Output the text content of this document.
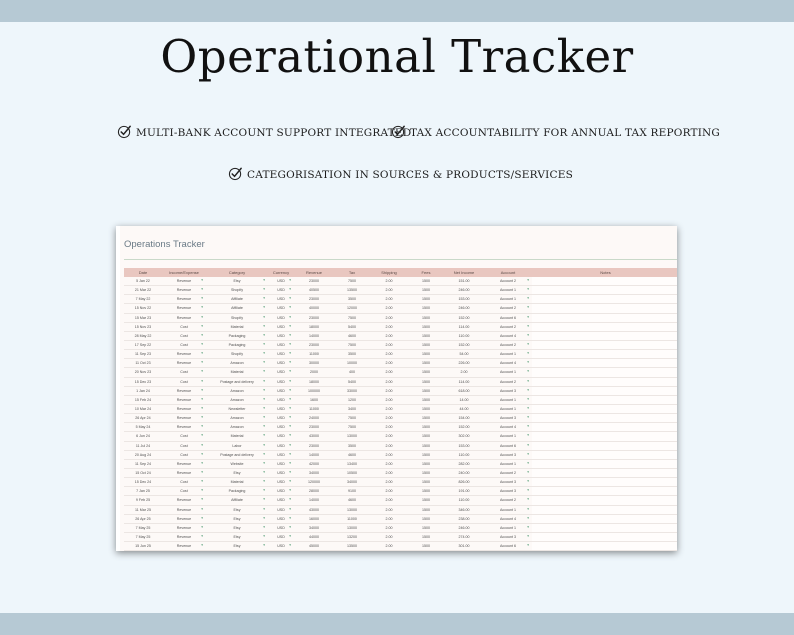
Operational Tracker
MULTI-BANK ACCOUNT SUPPORT INTEGRATED
TAX ACCOUNTABILITY FOR ANNUAL TAX REPORTING
CATEGORISATION IN SOURCES & PRODUCTS/SERVICES
Operations Tracker
Date	Income/Expense	Category	Currency	Revenue	Tax	Shipping	Fees	Net Income	Account	Notes
5 Jan 22	Revenue ▾	Etsy ▾	USD ▾	23000	7500	2.00	1500	151.00	Account 2 ▾	

21 Mar 22	Revenue ▾	Shopify ▾	USD ▾	40500	13500	2.00	1500	246.00	Account 1 ▾	

7 May 22	Revenue ▾	Affiliate ▾	USD ▾	23000	3500	2.00	1500	153.00	Account 1 ▾	

15 Nov 22	Revenue ▾	Affiliate ▾	USD ▾	40000	12000	2.00	1500	246.00	Account 2 ▾	

15 Mar 23	Revenue ▾	Shopify ▾	USD ▾	23000	7500	2.00	1500	152.00	Account 6 ▾	

15 Nov 23	Cost ▾	Material ▾	USD ▾	18000	5400	2.00	1500	114.00	Account 2 ▾	

28 May 22	Cost ▾	Packaging ▾	USD ▾	14000	4600	2.00	1500	110.00	Account 4 ▾	

17 Sep 22	Cost ▾	Packaging ▾	USD ▾	23000	7500	2.00	1500	152.00	Account 2 ▾	

11 Sep 23	Revenue ▾	Shopify ▾	USD ▾	11000	3500	2.00	1500	54.00	Account 1 ▾	

11 Oct 23	Revenue ▾	Amazon ▾	USD ▾	30000	10000	2.00	1500	226.00	Account 4 ▾	

20 Nov 23	Cost ▾	Material ▾	USD ▾	2000	400	2.00	1500	2.00	Account 1 ▾	

15 Dec 23	Cost ▾	Postage and delivery ▾	USD ▾	18000	5400	2.00	1500	114.00	Account 2 ▾	

1 Jan 24	Revenue ▾	Amazon ▾	USD ▾	100000	33000	2.00	1500	618.00	Account 3 ▾	

15 Feb 24	Revenue ▾	Amazon ▾	USD ▾	1600	1200	2.00	1500	14.00	Account 1 ▾	

10 Mar 24	Revenue ▾	Newsletter ▾	USD ▾	11000	3400	2.00	1500	44.00	Account 1 ▾	

26 Apr 24	Revenue ▾	Amazon ▾	USD ▾	24000	7500	2.00	1500	154.00	Account 3 ▾	

5 May 24	Revenue ▾	Amazon ▾	USD ▾	23000	7500	2.00	1500	152.00	Account 4 ▾	

6 Jun 24	Cost ▾	Material ▾	USD ▾	43000	13000	2.00	1500	302.00	Account 1 ▾	

11 Jul 24	Cost ▾	Labor ▾	USD ▾	23000	3500	2.00	1500	153.00	Account 6 ▾	

20 Aug 24	Cost ▾	Postage and delivery ▾	USD ▾	14000	4600	2.00	1500	110.00	Account 3 ▾	

11 Sep 24	Revenue ▾	Website ▾	USD ▾	42000	13400	2.00	1500	282.00	Account 1 ▾	

15 Oct 24	Revenue ▾	Etsy ▾	USD ▾	34000	10500	2.00	1500	240.00	Account 2 ▾	

15 Dec 24	Cost ▾	Material ▾	USD ▾	120000	34000	2.00	1500	826.00	Account 3 ▾	

7 Jan 25	Cost ▾	Packaging ▾	USD ▾	28000	9100	2.00	1500	191.00	Account 3 ▾	

9 Feb 25	Revenue ▾	Affiliate ▾	USD ▾	14000	4600	2.00	1500	110.00	Account 2 ▾	

11 Mar 25	Revenue ▾	Etsy ▾	USD ▾	43000	13000	2.00	1500	346.00	Account 1 ▾	

26 Apr 25	Revenue ▾	Etsy ▾	USD ▾	16000	11000	2.00	1500	238.00	Account 4 ▾	

7 May 25	Revenue ▾	Etsy ▾	USD ▾	34000	13000	2.00	1500	246.00	Account 1 ▾	

7 May 25	Revenue ▾	Etsy ▾	USD ▾	44000	13200	2.00	1500	274.00	Account 3 ▾	

15 Jun 25	Revenue ▾	Etsy ▾	USD ▾	45000	13500	2.00	1500	301.00	Account 6 ▾	
